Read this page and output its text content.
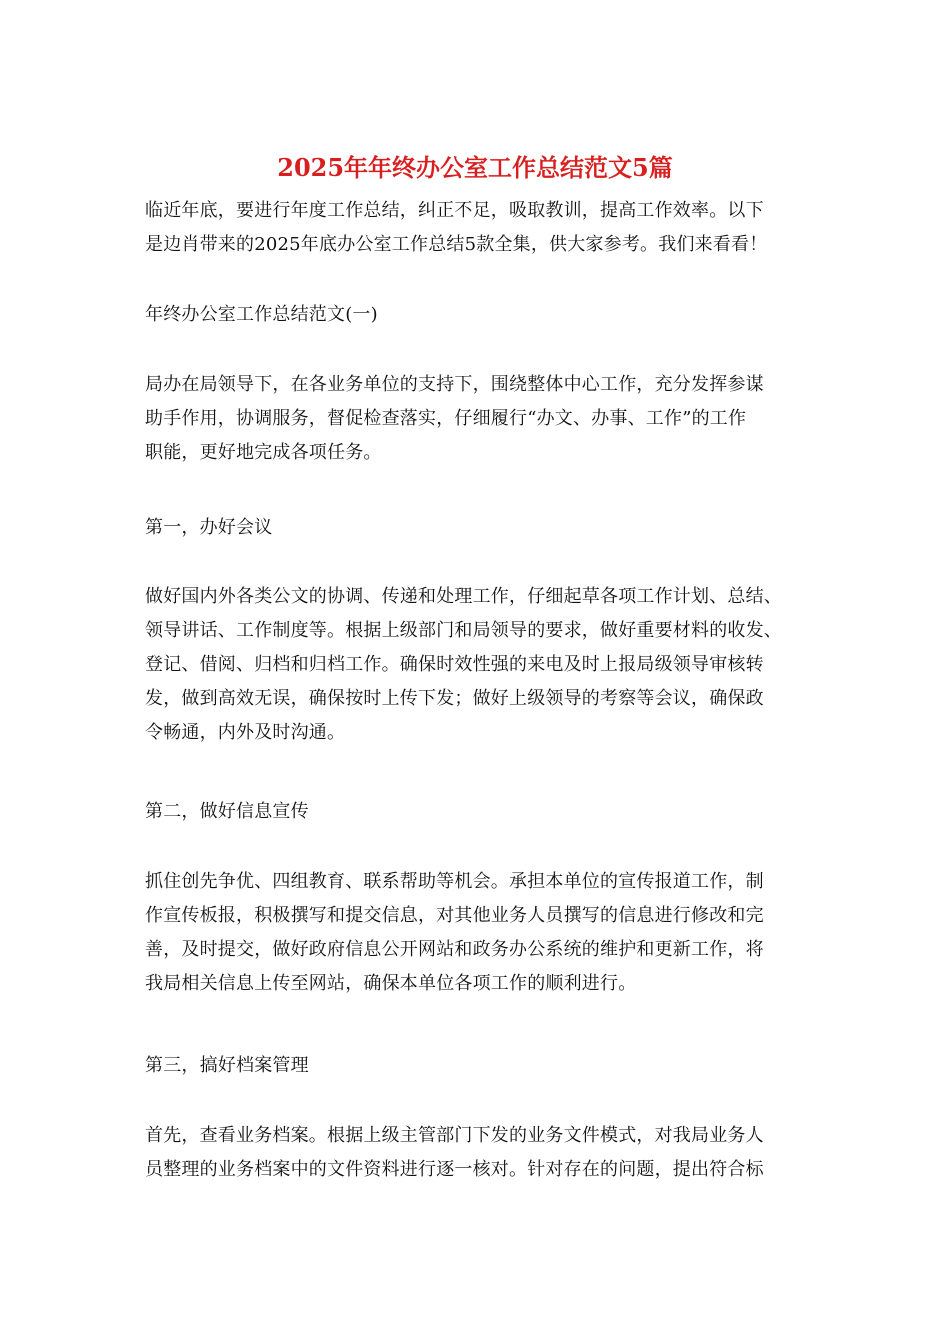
2025年年终办公室工作总结范文5篇
临近年底，要进行年度工作总结，纠正不足，吸取教训，提高工作效率。以下
是边肖带来的2025年底办公室工作总结5款全集，供大家参考。我们来看看！
年终办公室工作总结范文(一)
局办在局领导下，在各业务单位的支持下，围绕整体中心工作，充分发挥参谋
助手作用，协调服务，督促检查落实，仔细履行“办文、办事、工作”的工作
职能，更好地完成各项任务。
第一，办好会议
做好国内外各类公文的协调、传递和处理工作，仔细起草各项工作计划、总结、
领导讲话、工作制度等。根据上级部门和局领导的要求，做好重要材料的收发、
登记、借阅、归档和归档工作。确保时效性强的来电及时上报局级领导审核转
发，做到高效无误，确保按时上传下发；做好上级领导的考察等会议，确保政
令畅通，内外及时沟通。
第二，做好信息宣传
抓住创先争优、四组教育、联系帮助等机会。承担本单位的宣传报道工作，制
作宣传板报，积极撰写和提交信息，对其他业务人员撰写的信息进行修改和完
善，及时提交，做好政府信息公开网站和政务办公系统的维护和更新工作，将
我局相关信息上传至网站，确保本单位各项工作的顺利进行。
第三，搞好档案管理
首先，查看业务档案。根据上级主管部门下发的业务文件模式，对我局业务人
员整理的业务档案中的文件资料进行逐一核对。针对存在的问题，提出符合标
